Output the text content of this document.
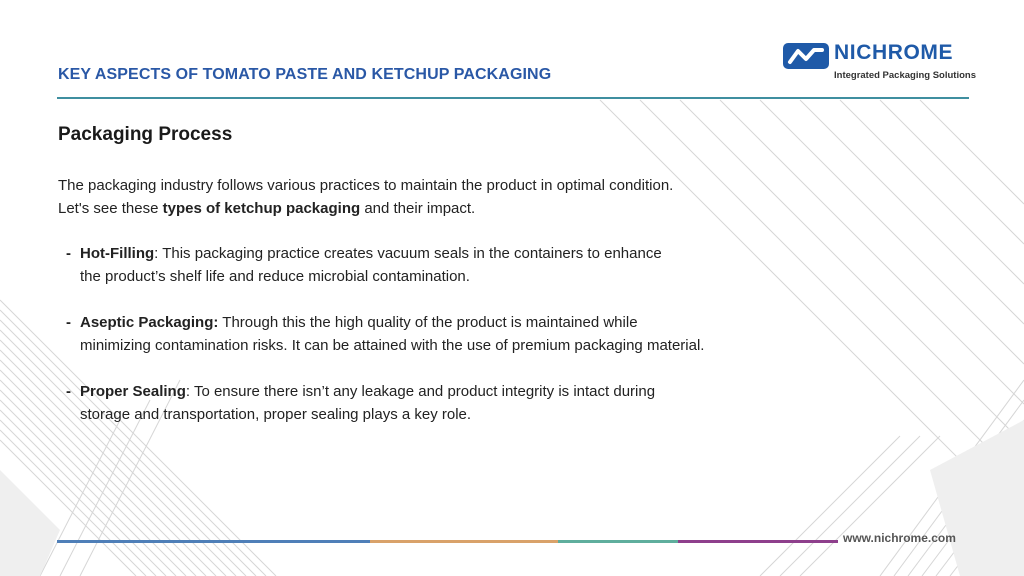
KEY ASPECTS OF TOMATO PASTE AND KETCHUP PACKAGING
NICHROME
Integrated Packaging Solutions
Packaging Process
The packaging industry follows various practices to maintain the product in optimal condition.
Let's see these types of ketchup packaging and their impact.
- Hot-Filling: This packaging practice creates vacuum seals in the containers to enhance
the product’s shelf life and reduce microbial contamination.
- Aseptic Packaging: Through this the high quality of the product is maintained while
minimizing contamination risks. It can be attained with the use of premium packaging material.
- Proper Sealing: To ensure there isn’t any leakage and product integrity is intact during
storage and transportation, proper sealing plays a key role.
www.nichrome.com
